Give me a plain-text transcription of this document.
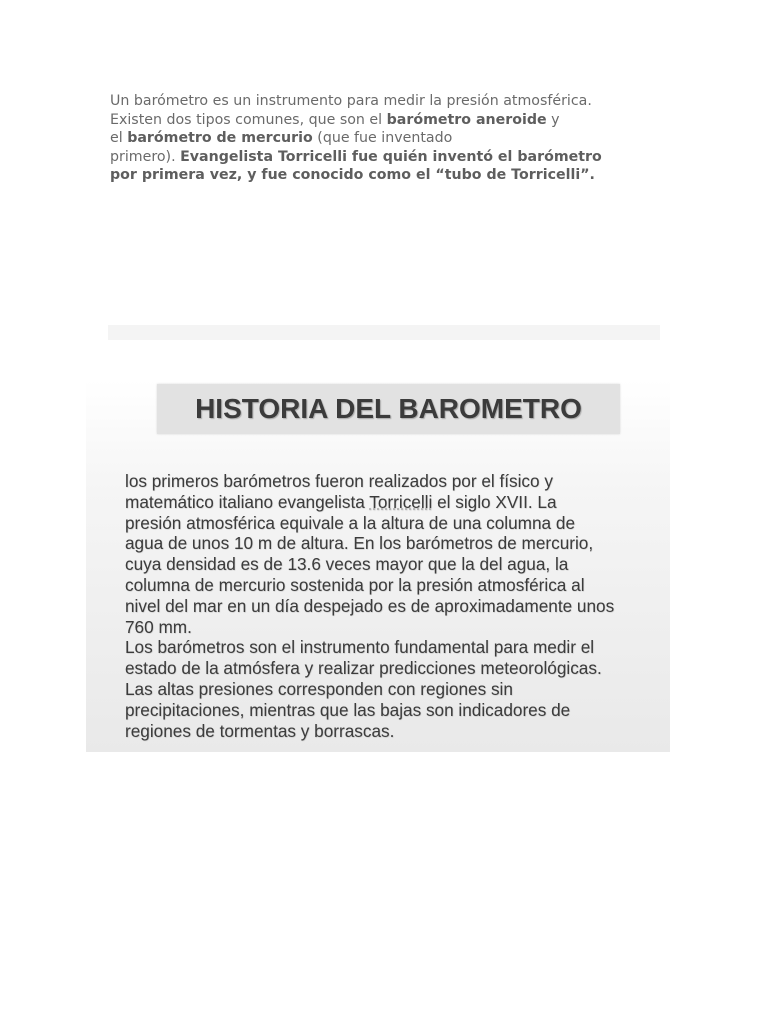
Un barómetro es un instrumento para medir la presión atmosférica.
Existen dos tipos comunes, que son el barómetro aneroide y
el barómetro de mercurio (que fue inventado
primero). Evangelista Torricelli fue quién inventó el barómetro
por primera vez, y fue conocido como el “tubo de Torricelli”.
HISTORIA DEL BAROMETRO
los primeros barómetros fueron realizados por el físico y
matemático italiano evangelista Torricelli el siglo XVII. La
presión atmosférica equivale a la altura de una columna de
agua de unos 10 m de altura. En los barómetros de mercurio,
cuya densidad es de 13.6 veces mayor que la del agua, la
columna de mercurio sostenida por la presión atmosférica al
nivel del mar en un día despejado es de aproximadamente unos
760 mm.
Los barómetros son el instrumento fundamental para medir el
estado de la atmósfera y realizar predicciones meteorológicas.
Las altas presiones corresponden con regiones sin
precipitaciones, mientras que las bajas son indicadores de
regiones de tormentas y borrascas.
